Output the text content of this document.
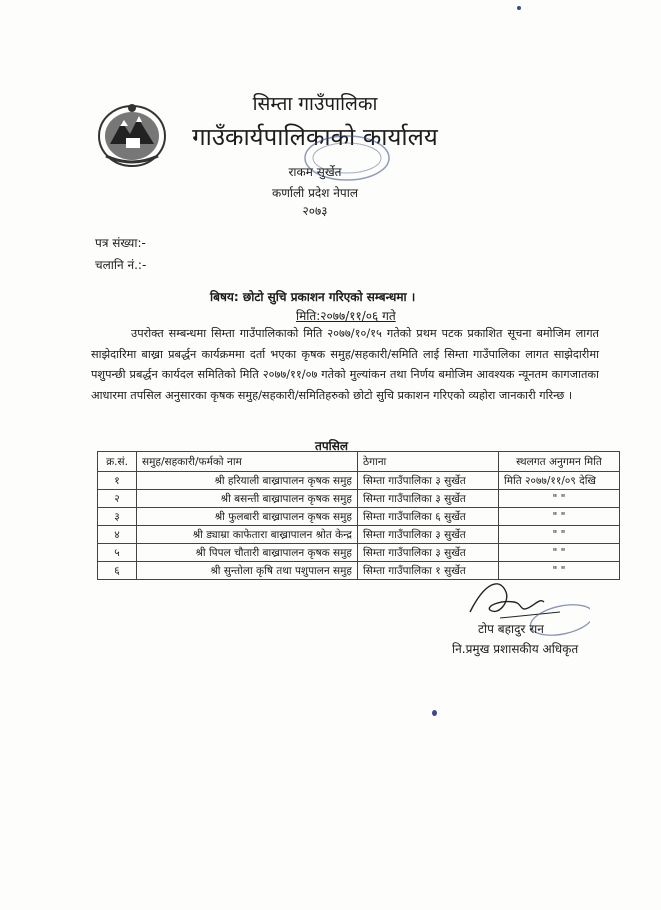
सिम्ता गाउँपालिका
गाउँकार्यपालिकाको कार्यालय
राकम सुर्खेत
कर्णाली प्रदेश नेपाल
२०७३
पत्र संख्या:-
चलानि नं.:-
बिषय: छोटो सुचि प्रकाशन गरिएको सम्बन्धमा ।
मिति:२०७७/११/०६ गते
उपरोक्त सम्बन्धमा सिम्ता गाउँपालिकाको मिति २०७७/१०/१५ गतेको प्रथम पटक प्रकाशित सूचना बमोजिम लागत साझेदारिमा बाख्रा प्रबर्द्धन कार्यक्रममा दर्ता भएका कृषक समुह/सहकारी/समिति लाई सिम्ता गाउँपालिका लागत साझेदारीमा पशुपन्छी प्रबर्द्धन कार्यदल समितिको मिति २०७७/११/०७ गतेको मुल्यांकन तथा निर्णय बमोजिम आवश्यक न्यूनतम कागजातका आधारमा तपसिल अनुसारका कृषक समुह/सहकारी/समितिहरुको छोटो सुचि प्रकाशन गरिएको व्यहोरा जानकारी गरिन्छ ।
तपसिल
क्र.सं.	समुह/सहकारी/फर्मको नाम	ठेगाना	स्थलगत अनुगमन मिति
१	श्री हरियाली बाख्रापालन कृषक समुह	सिम्ता गाउँपालिका ३ सुर्खेत	मिति २०७७/११/०९ देखि
२	श्री बसन्ती बाख्रापालन कृषक समुह	सिम्ता गाउँपालिका ३ सुर्खेत	" "
३	श्री फुलबारी बाख्रापालन कृषक समुह	सिम्ता गाउँपालिका ६ सुर्खेत	" "
४	श्री ड्याम्रा काफेतारा बाख्रापालन श्रोत केन्द्र	सिम्ता गाउँपालिका ३ सुर्खेत	" "
५	श्री पिपल चौतारी बाख्रापालन कृषक समुह	सिम्ता गाउँपालिका ३ सुर्खेत	" "
६	श्री सुन्तोला कृषि तथा पशुपालन समुह	सिम्ता गाउँपालिका १ सुर्खेत	" "
टोप बहादुर रान
नि.प्रमुख प्रशासकीय अधिकृत
